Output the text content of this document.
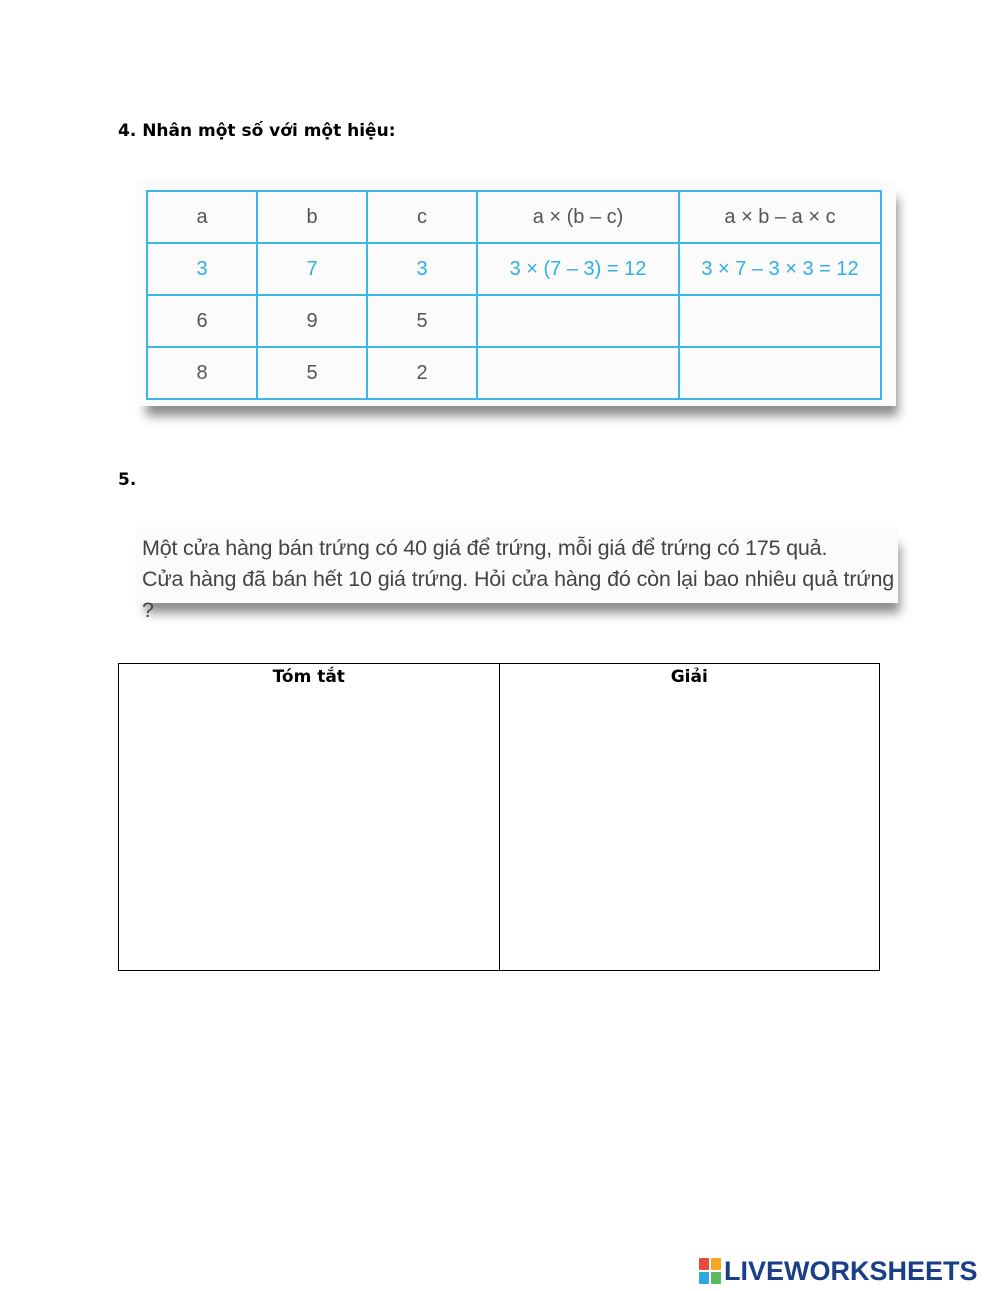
4. Nhân một số với một hiệu:
a	b	c	a × (b – c)	a × b – a × c
3	7	3	3 × (7 – 3) = 12	3 × 7 – 3 × 3 = 12
6	9	5		
8	5	2		
5.
Một cửa hàng bán trứng có 40 giá để trứng, mỗi giá để trứng có 175 quả.
Cửa hàng đã bán hết 10 giá trứng. Hỏi cửa hàng đó còn lại bao nhiêu quả trứng ?
Tóm tắt	Giải

LIVEWORKSHEETS
